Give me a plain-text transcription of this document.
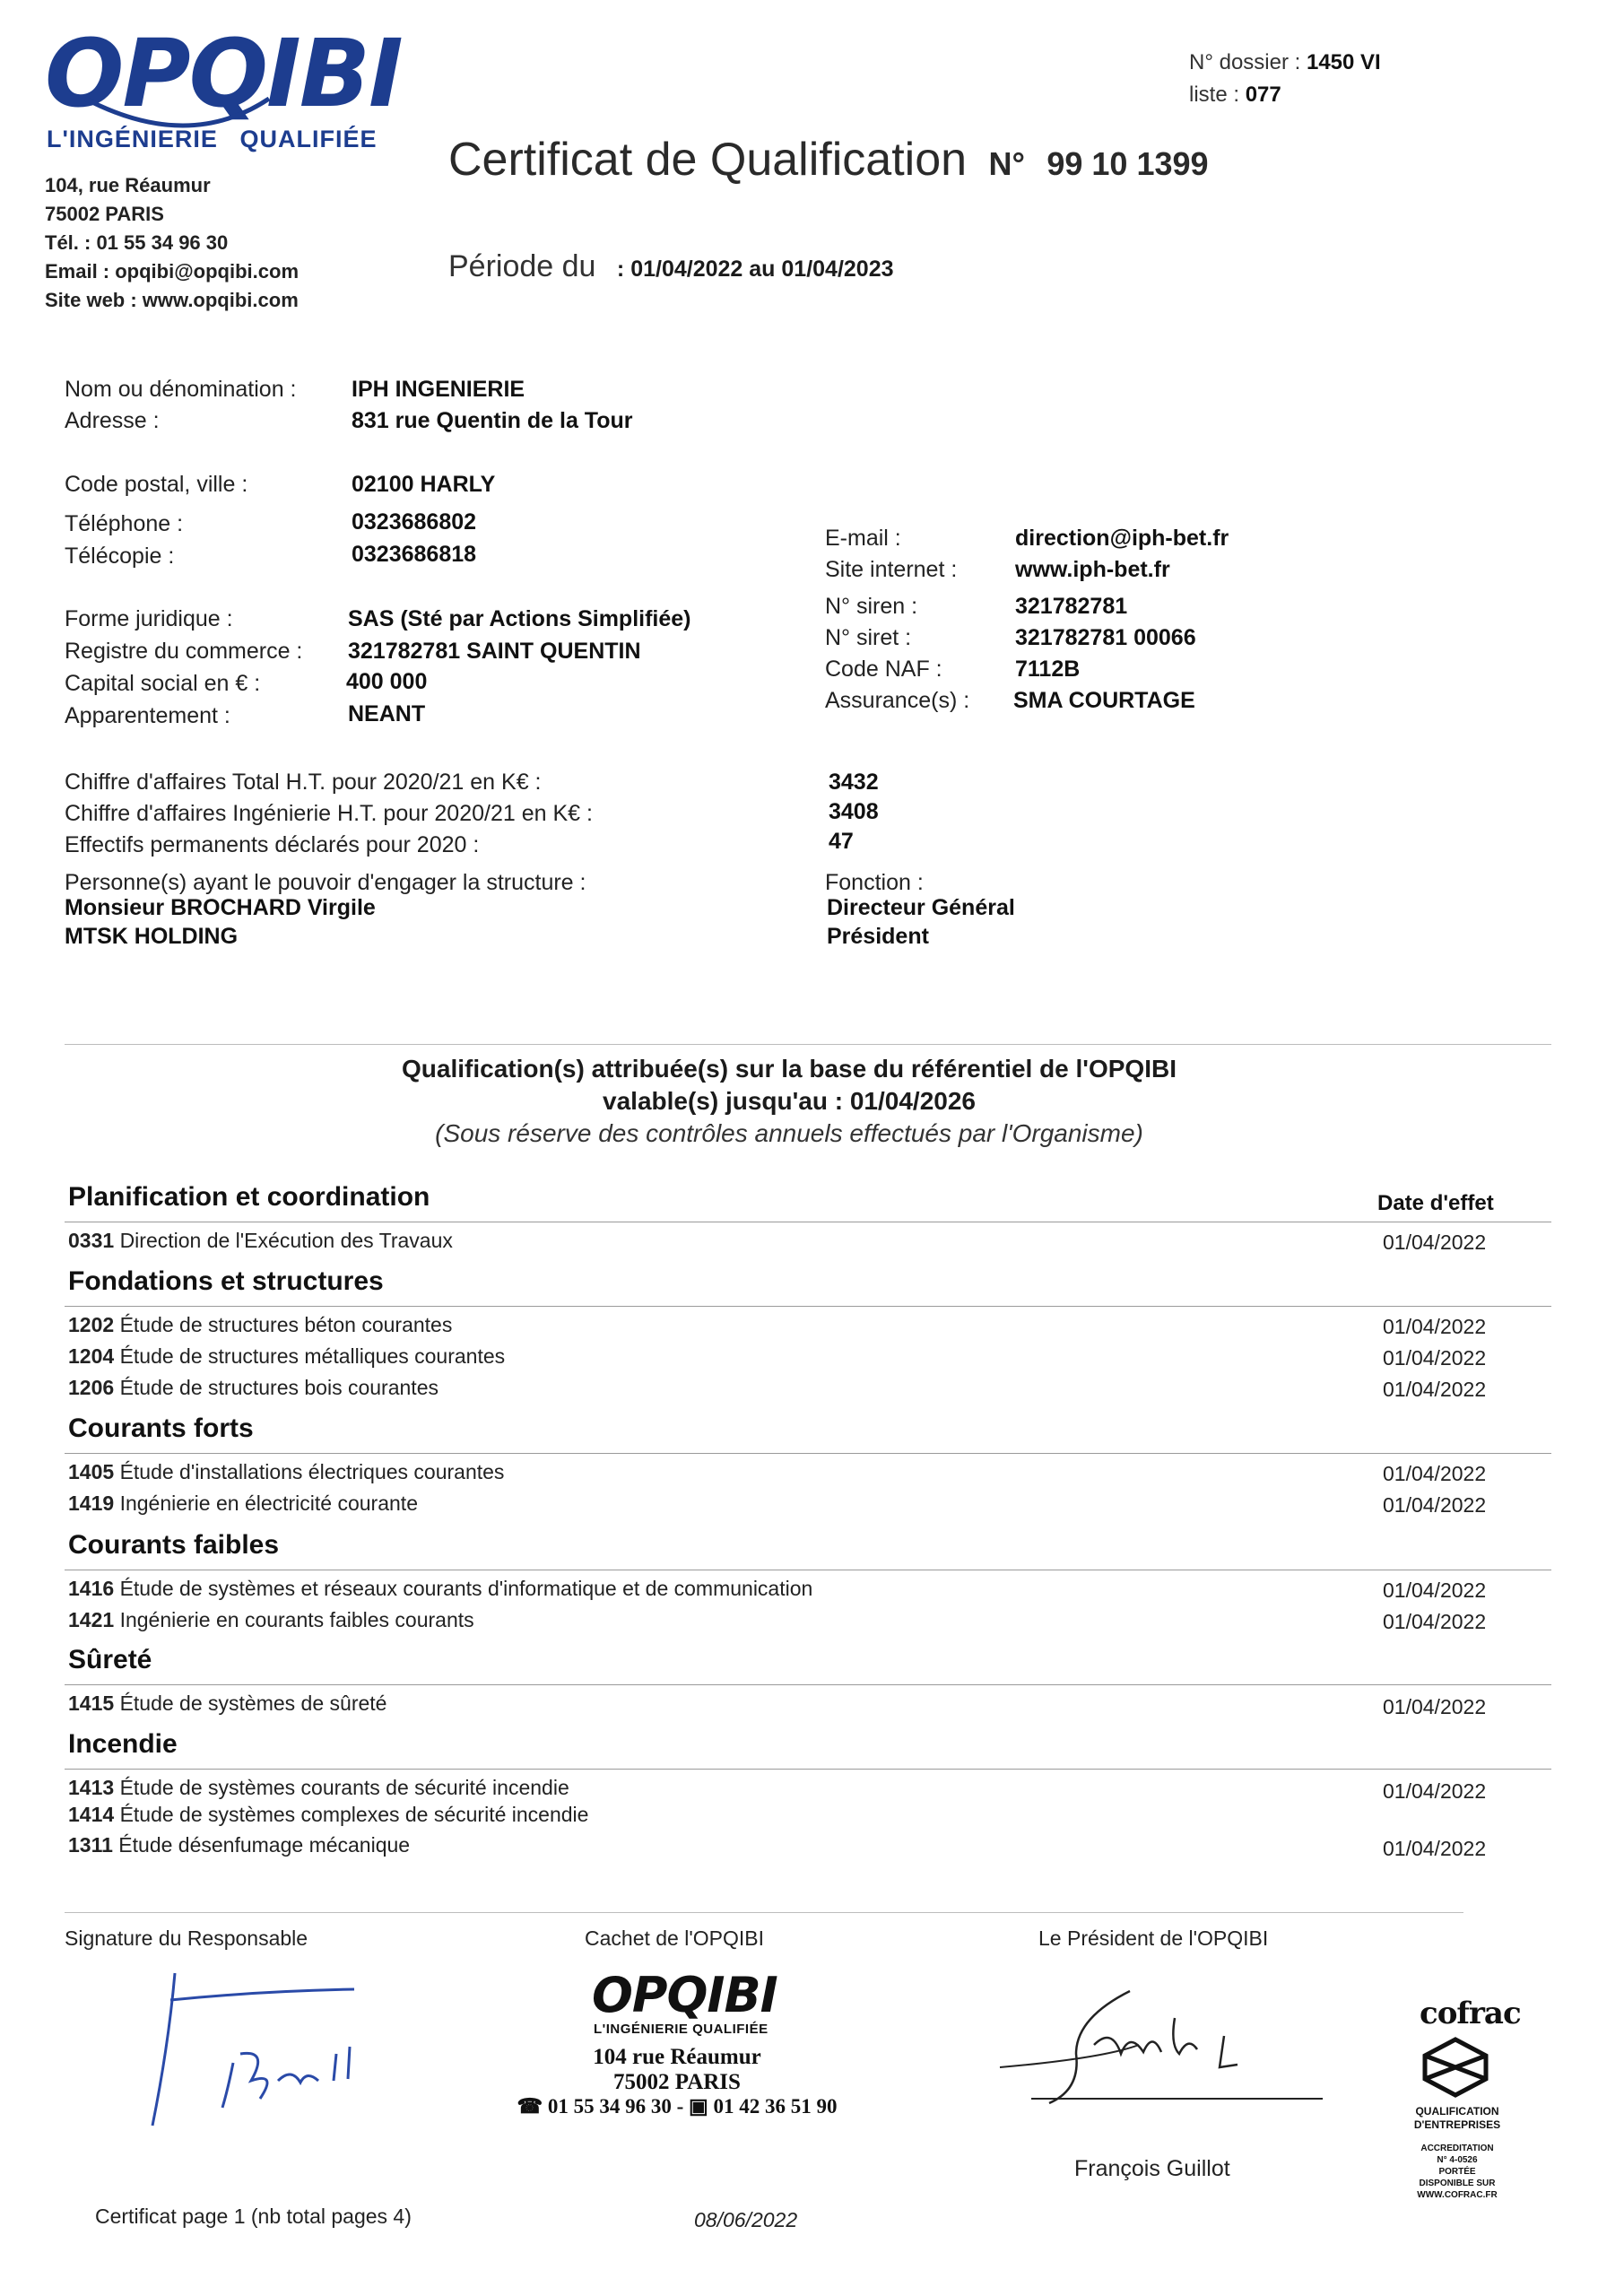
OPQIBI
L'INGÉNIERIE QUALIFIÉE
104, rue Réaumur
75002 PARIS
Tél. : 01 55 34 96 30
Email : opqibi@opqibi.com
Site web : www.opqibi.com
N° dossier : 1450 VI
liste : 077
Certificat de Qualification N° 99 10 1399
Période du : 01/04/2022 au 01/04/2023
Nom ou dénomination : IPH INGENIERIE
Adresse :	831 rue Quentin de la Tour
Code postal, ville :	02100 HARLY
Téléphone :	0323686802
Télécopie :	0323686818
Forme juridique :	SAS (Sté par Actions Simplifiée)
Registre du commerce : 321782781 SAINT QUENTIN
Capital social en € :	400 000
Apparentement :	NEANT
E-mail :	direction@iph-bet.fr
Site internet :	www.iph-bet.fr
N° siren :	321782781
N° siret :	321782781 00066
Code NAF :	7112B
Assurance(s) : SMA COURTAGE
Chiffre d'affaires Total H.T. pour 2020/21 en K€ :	3432
Chiffre d'affaires Ingénierie H.T. pour 2020/21 en K€ :	3408
Effectifs permanents déclarés pour 2020 :	47
Personne(s) ayant le pouvoir d'engager la structure :	Fonction :
Monsieur BROCHARD Virgile	Directeur Général
MTSK HOLDING	Président
Qualification(s) attribuée(s) sur la base du référentiel de l'OPQIBI
valable(s) jusqu'au : 01/04/2026
(Sous réserve des contrôles annuels effectués par l'Organisme)
Planification et coordination	Date d'effet
0331 Direction de l'Exécution des Travaux	01/04/2022
Fondations et structures
1202 Étude de structures béton courantes	01/04/2022
1204 Étude de structures métalliques courantes	01/04/2022
1206 Étude de structures bois courantes	01/04/2022
Courants forts
1405 Étude d'installations électriques courantes	01/04/2022
1419 Ingénierie en électricité courante	01/04/2022
Courants faibles
1416 Étude de systèmes et réseaux courants d'informatique et de communication	01/04/2022
1421 Ingénierie en courants faibles courants	01/04/2022
Sûreté
1415 Étude de systèmes de sûreté	01/04/2022
Incendie
1413 Étude de systèmes courants de sécurité incendie	01/04/2022
1414 Étude de systèmes complexes de sécurité incendie
1311 Étude désenfumage mécanique	01/04/2022
Signature du Responsable	Cachet de l'OPQIBI	Le Président de l'OPQIBI
OPQIBI
L'INGÉNIERIE QUALIFIÉE
104 rue Réaumur
75002 PARIS
☎ 01 55 34 96 30 - ▣ 01 42 36 51 90
François Guillot
cofrac
QUALIFICATION
D'ENTREPRISES
ACCREDITATION
N° 4-0526
PORTÉE
DISPONIBLE SUR
WWW.COFRAC.FR
Certificat page 1 (nb total pages 4)	08/06/2022
